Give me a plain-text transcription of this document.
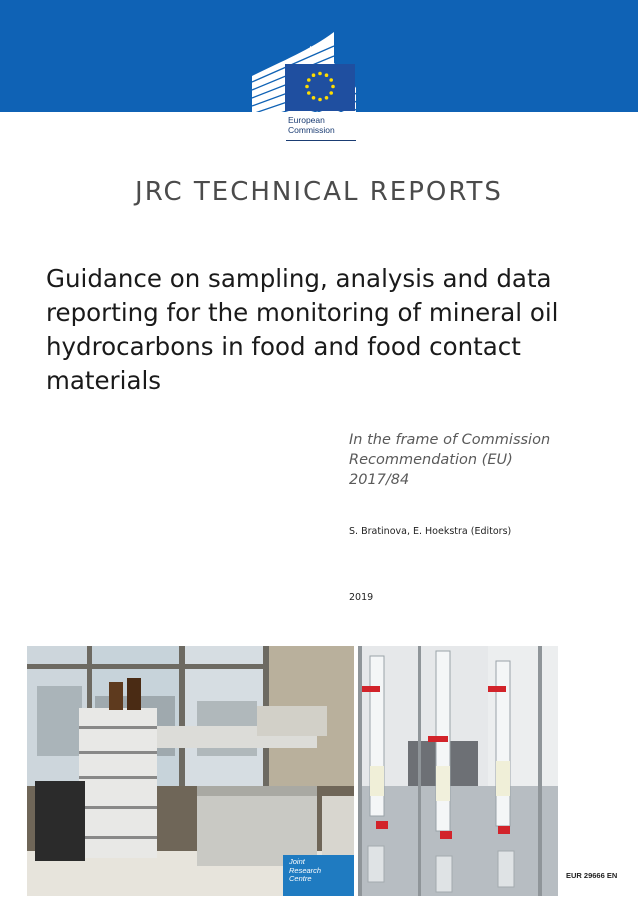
European
Commission
JRC TECHNICAL REPORTS
Guidance on sampling, analysis and data reporting for the monitoring of mineral oil hydrocarbons in food and food contact materials
In the frame of Commission
Recommendation (EU)
2017/84
S. Bratinova, E. Hoekstra (Editors)
2019
Joint
Research
Centre	EUR 29666 EN
